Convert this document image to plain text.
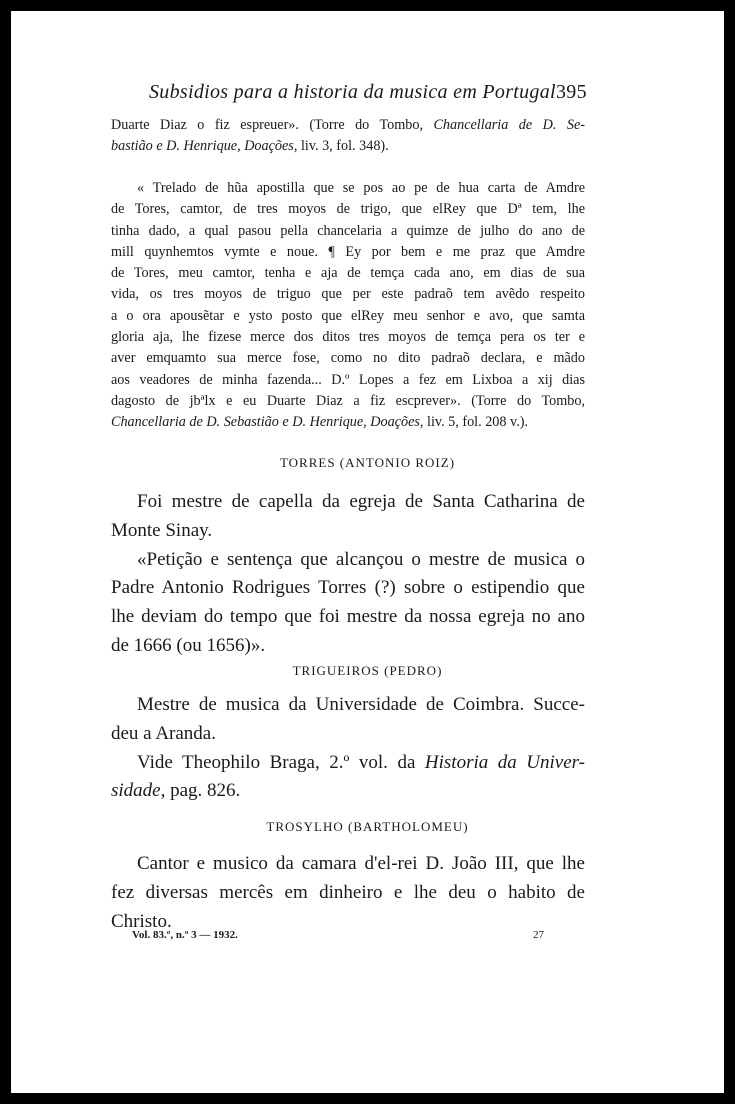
Subsidios para a historia da musica em Portugal 395
Duarte Diaz o fiz espreuer». (Torre do Tombo, Chancellaria de D. Se-
bastião e D. Henrique, Doações, liv. 3, fol. 348).
« Trelado de hũa apostilla que se pos ao pe de hua carta de Amdre
de Tores, camtor, de tres moyos de trigo, que elRey que Dª tem, lhe
tinha dado, a qual pasou pella chancelaria a quimze de julho do ano de
mill quynhemtos vymte e noue. ¶ Ey por bem e me praz que Amdre
de Tores, meu camtor, tenha e aja de temça cada ano, em dias de sua
vida, os tres moyos de triguo que per este padraõ tem avẽdo respeito
a o ora apousẽtar e ysto posto que elRey meu senhor e avo, que samta
gloria aja, lhe fizese merce dos ditos tres moyos de temça pera os ter e
aver emquamto sua merce fose, como no dito padraõ declara, e mãdo
aos veadores de minha fazenda... D.º Lopes a fez em Lixboa a xij dias
dagosto de jbªlx e eu Duarte Diaz a fiz escprever». (Torre do Tombo,
Chancellaria de D. Sebastião e D. Henrique, Doações, liv. 5, fol. 208 v.).
TORRES (ANTONIO ROIZ)
Foi mestre de capella da egreja de Santa Catharina de
Monte Sinay.
«Petição e sentença que alcançou o mestre de musica o
Padre Antonio Rodrigues Torres (?) sobre o estipendio que
lhe deviam do tempo que foi mestre da nossa egreja no ano
de 1666 (ou 1656)».
TRIGUEIROS (PEDRO)
Mestre de musica da Universidade de Coimbra. Succe-
deu a Aranda.
Vide Theophilo Braga, 2.º vol. da Historia da Univer-
sidade, pag. 826.
TROSYLHO (BARTHOLOMEU)
Cantor e musico da camara d'el-rei D. João III, que lhe
fez diversas mercês em dinheiro e lhe deu o habito de
Christo.
Vol. 83.º, n.º 3 — 1932.	27
